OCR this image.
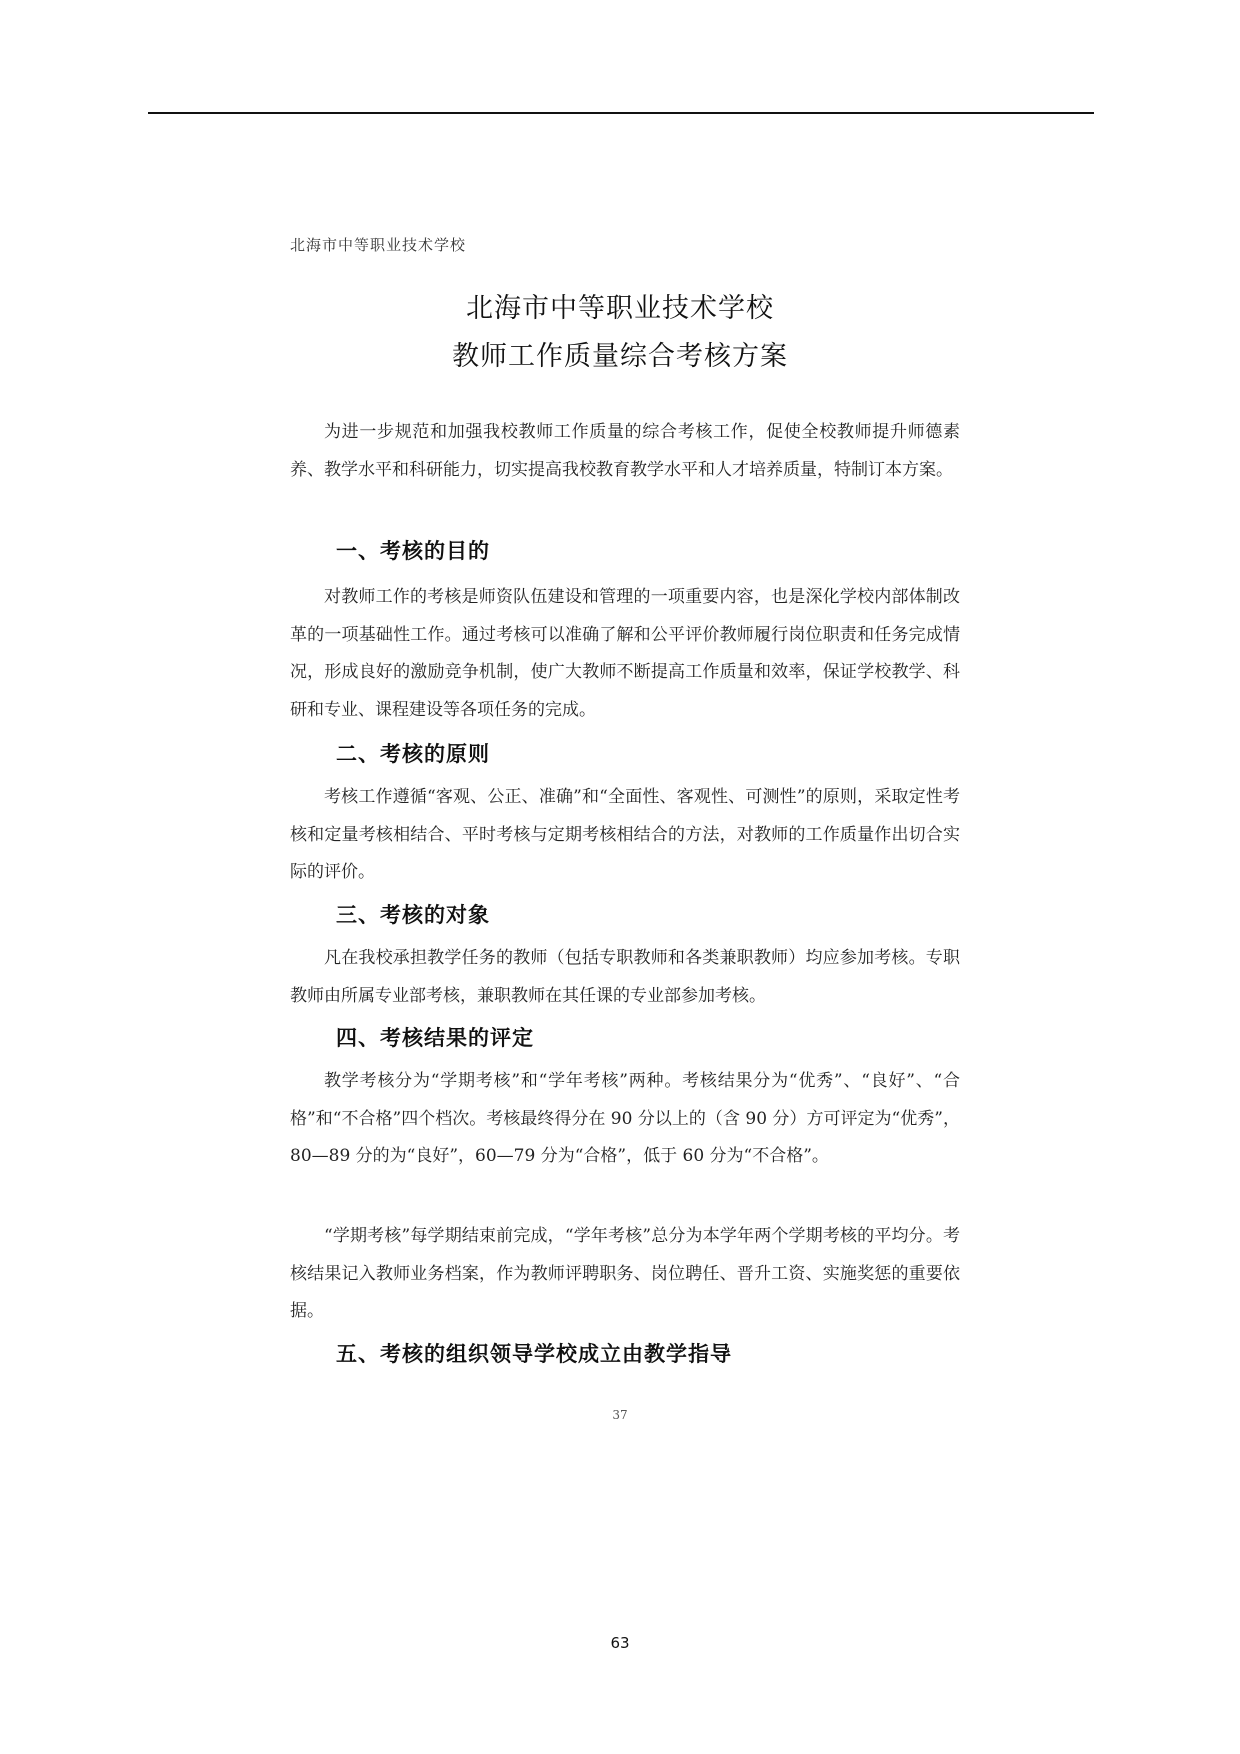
北海市中等职业技术学校
北海市中等职业技术学校
教师工作质量综合考核方案

为进一步规范和加强我校教师工作质量的综合考核工作，促使全校教师提升师德素养、教学水平和科研能力，切实提高我校教育教学水平和人才培养质量，特制订本方案。

一、考核的目的

对教师工作的考核是师资队伍建设和管理的一项重要内容，也是深化学校内部体制改革的一项基础性工作。通过考核可以准确了解和公平评价教师履行岗位职责和任务完成情况，形成良好的激励竞争机制，使广大教师不断提高工作质量和效率，保证学校教学、科研和专业、课程建设等各项任务的完成。

二、考核的原则

考核工作遵循“客观、公正、准确”和“全面性、客观性、可测性”的原则，采取定性考核和定量考核相结合、平时考核与定期考核相结合的方法，对教师的工作质量作出切合实际的评价。

三、考核的对象

凡在我校承担教学任务的教师（包括专职教师和各类兼职教师）均应参加考核。专职教师由所属专业部考核，兼职教师在其任课的专业部参加考核。

四、考核结果的评定

教学考核分为“学期考核”和“学年考核”两种。考核结果分为“优秀”、“良好”、“合格”和“不合格”四个档次。考核最终得分在 90 分以上的（含 90 分）方可评定为“优秀”，80—89 分的为“良好”，60—79 分为“合格”，低于 60 分为“不合格”。

“学期考核”每学期结束前完成，“学年考核”总分为本学年两个学期考核的平均分。考核结果记入教师业务档案，作为教师评聘职务、岗位聘任、晋升工资、实施奖惩的重要依据。

五、考核的组织领导学校成立由教学指导
37
63
